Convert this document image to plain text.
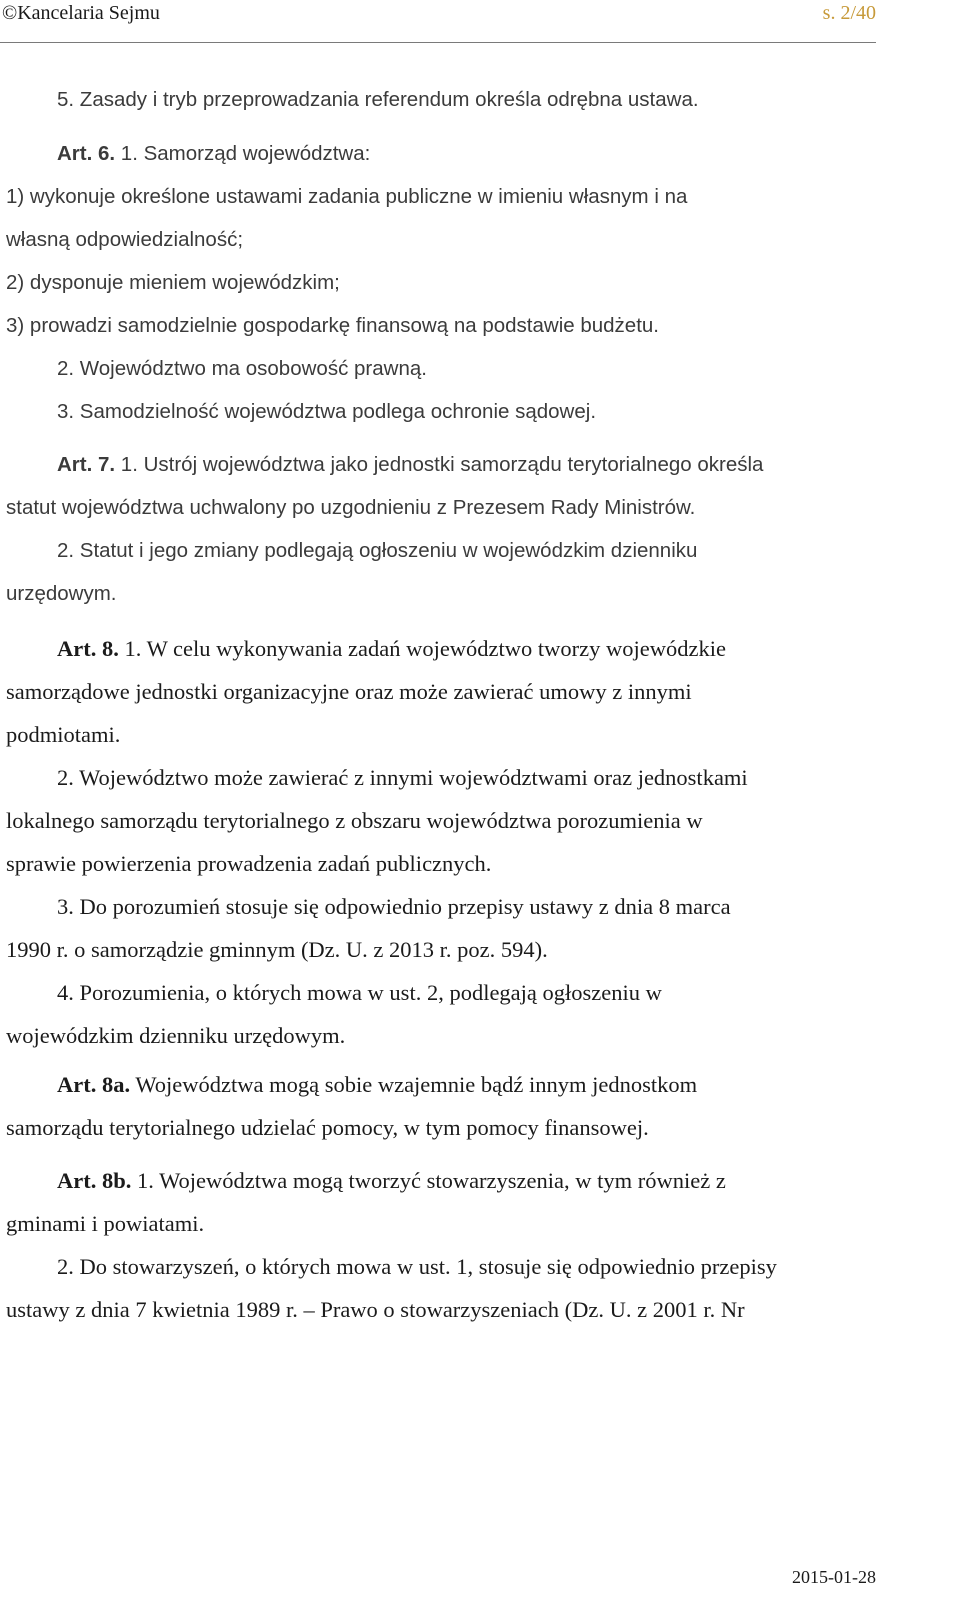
©Kancelaria Sejmu	s. 2/40
5. Zasady i tryb przeprowadzania referendum określa odrębna ustawa.
Art. 6. 1. Samorząd województwa:
1) wykonuje określone ustawami zadania publiczne w imieniu własnym i na
własną odpowiedzialność;
2) dysponuje mieniem wojewódzkim;
3) prowadzi samodzielnie gospodarkę finansową na podstawie budżetu.
2. Województwo ma osobowość prawną.
3. Samodzielność województwa podlega ochronie sądowej.
Art. 7. 1. Ustrój województwa jako jednostki samorządu terytorialnego określa
statut województwa uchwalony po uzgodnieniu z Prezesem Rady Ministrów.
2. Statut i jego zmiany podlegają ogłoszeniu w wojewódzkim dzienniku
urzędowym.
Art. 8. 1. W celu wykonywania zadań województwo tworzy wojewódzkie
samorządowe jednostki organizacyjne oraz może zawierać umowy z innymi
podmiotami.
2. Województwo może zawierać z innymi województwami oraz jednostkami
lokalnego samorządu terytorialnego z obszaru województwa porozumienia w
sprawie powierzenia prowadzenia zadań publicznych.
3. Do porozumień stosuje się odpowiednio przepisy ustawy z dnia 8 marca
1990 r. o samorządzie gminnym (Dz. U. z 2013 r. poz. 594).
4. Porozumienia, o których mowa w ust. 2, podlegają ogłoszeniu w
wojewódzkim dzienniku urzędowym.
Art. 8a. Województwa mogą sobie wzajemnie bądź innym jednostkom
samorządu terytorialnego udzielać pomocy, w tym pomocy finansowej.
Art. 8b. 1. Województwa mogą tworzyć stowarzyszenia, w tym również z
gminami i powiatami.
2. Do stowarzyszeń, o których mowa w ust. 1, stosuje się odpowiednio przepisy
ustawy z dnia 7 kwietnia 1989 r. – Prawo o stowarzyszeniach (Dz. U. z 2001 r. Nr
2015-01-28
